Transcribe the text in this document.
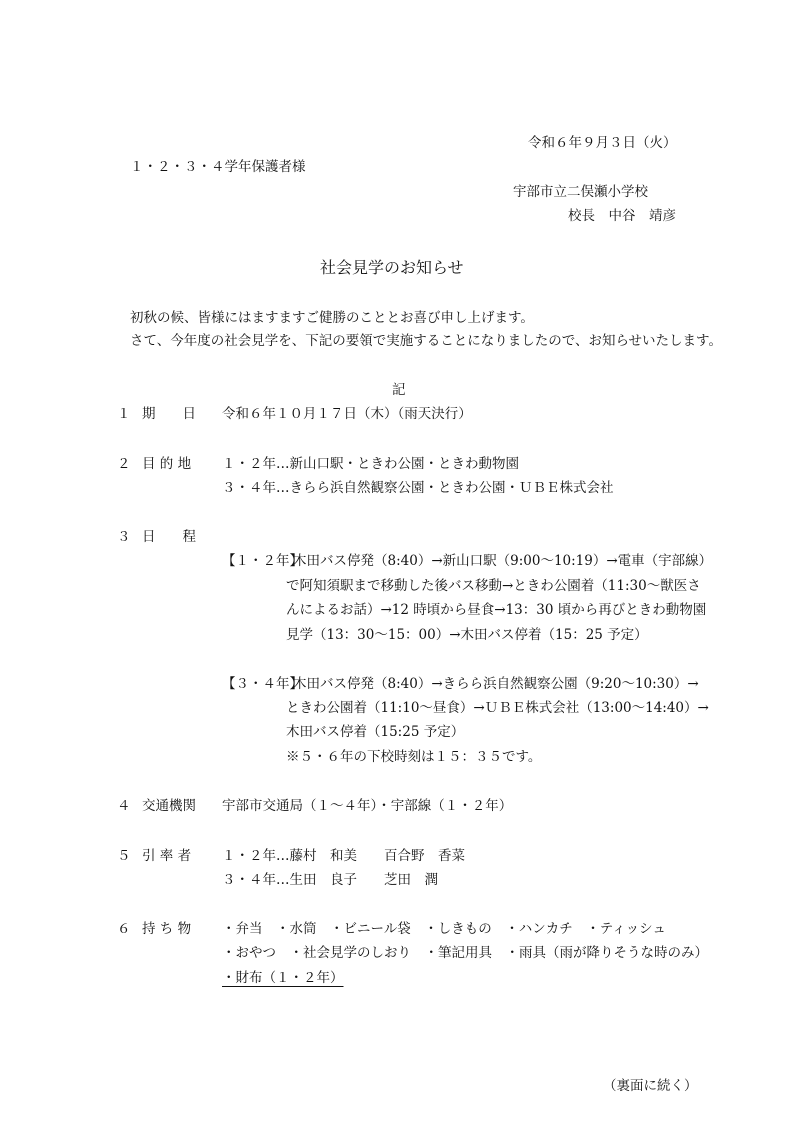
令和６年９月３日（火）
１・２・３・４学年保護者様
宇部市立二俣瀬小学校
校長　中谷　靖彦
社会見学のお知らせ
初秋の候、皆様にはますますご健勝のこととお喜び申し上げます。
さて、今年度の社会見学を、下記の要領で実施することになりましたので、お知らせいたします。
記
１ 期　　日 令和６年１０月１７日（木）（雨天決行）
２ 目 的 地 １・２年…新山口駅・ときわ公園・ときわ動物園
３・４年…きらら浜自然観察公園・ときわ公園・ＵＢＥ株式会社
３ 日　　程
【１・２年】
木田バス停発（8:40）→新山口駅（9:00〜10:19）→電車（宇部線）
で阿知須駅まで移動した後バス移動→ときわ公園着（11:30〜獣医さ
んによるお話）→12 時頃から昼食→13：30 頃から再びときわ動物園
見学（13：30〜15：00）→木田バス停着（15：25 予定）
【３・４年】
木田バス停発（8:40）→きらら浜自然観察公園（9:20〜10:30）→
ときわ公園着（11:10〜昼食）→ＵＢＥ株式会社（13:00〜14:40）→
木田バス停着（15:25 予定）
※５・６年の下校時刻は１５：３５です。
４ 交通機関 宇部市交通局（１〜４年）・宇部線（１・２年）
５ 引 率 者 １・２年…藤村　和美　　百合野　香菜
３・４年…生田　良子　　芝田　潤
６ 持 ち 物 ・弁当　・水筒　・ビニール袋　・しきもの　・ハンカチ　・ティッシュ
・おやつ　・社会見学のしおり　・筆記用具　・雨具（雨が降りそうな時のみ）
・財布（１・２年）
（裏面に続く）
